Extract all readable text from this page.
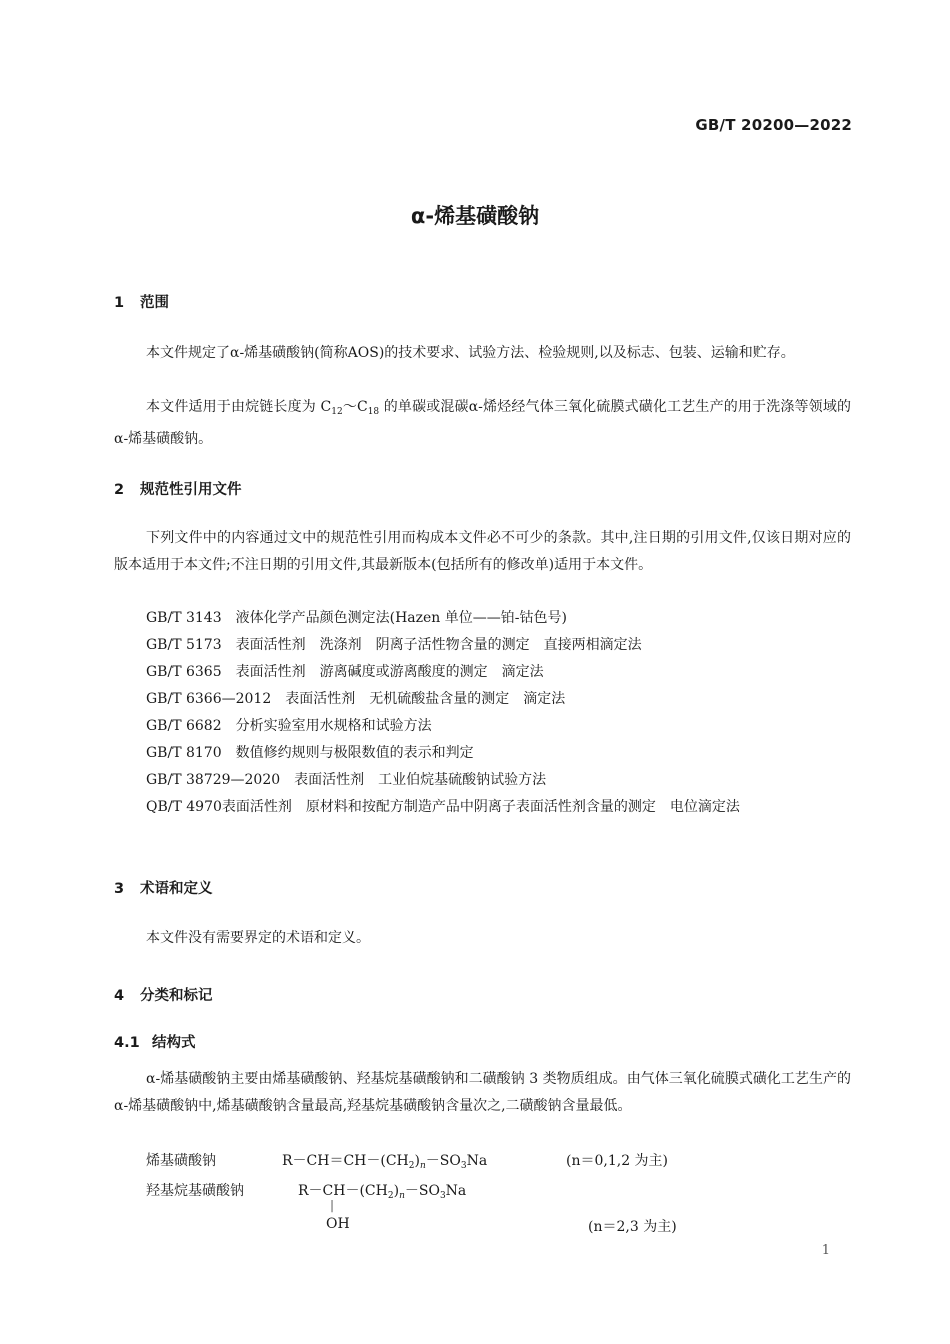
GB/T 20200—2022
α-烯基磺酸钠
1 范围
本文件规定了α-烯基磺酸钠(简称AOS)的技术要求、试验方法、检验规则,以及标志、包装、运输和贮存。
本文件适用于由烷链长度为 $C_{12}\sim C_{18}$ 的单碳或混碳α-烯烃经气体三氧化硫膜式磺化工艺生产的用于洗涤等领域的α-烯基磺酸钠。
2 规范性引用文件
下列文件中的内容通过文中的规范性引用而构成本文件必不可少的条款。其中,注日期的引用文件,仅该日期对应的版本适用于本文件;不注日期的引用文件,其最新版本(包括所有的修改单)适用于本文件。
GB/T 3143 液体化学产品颜色测定法(Hazen 单位——铂-钴色号)
GB/T 5173 表面活性剂　洗涤剂　阴离子活性物含量的测定　直接两相滴定法
GB/T 6365 表面活性剂　游离碱度或游离酸度的测定　滴定法
GB/T 6366—2012 表面活性剂　无机硫酸盐含量的测定　滴定法
GB/T 6682 分析实验室用水规格和试验方法
GB/T 8170 数值修约规则与极限数值的表示和判定
GB/T 38729—2020 表面活性剂　工业伯烷基硫酸钠试验方法
QB/T 4970表面活性剂　原材料和按配方制造产品中阴离子表面活性剂含量的测定　电位滴定法
3 术语和定义
本文件没有需要界定的术语和定义。
4 分类和标记
4.1 结构式
α-烯基磺酸钠主要由烯基磺酸钠、羟基烷基磺酸钠和二磺酸钠 3 类物质组成。由气体三氧化硫膜式磺化工艺生产的α-烯基磺酸钠中,烯基磺酸钠含量最高,羟基烷基磺酸钠含量次之,二磺酸钠含量最低。
烯基磺酸钠	$R-CH=CH-(CH_2)_n-SO_3Na$	(n＝0,1,2 为主)
羟基烷基磺酸钠	$R-CH-(CH_2)_n-SO_3Na$
|
OH	(n＝2,3 为主)
1
